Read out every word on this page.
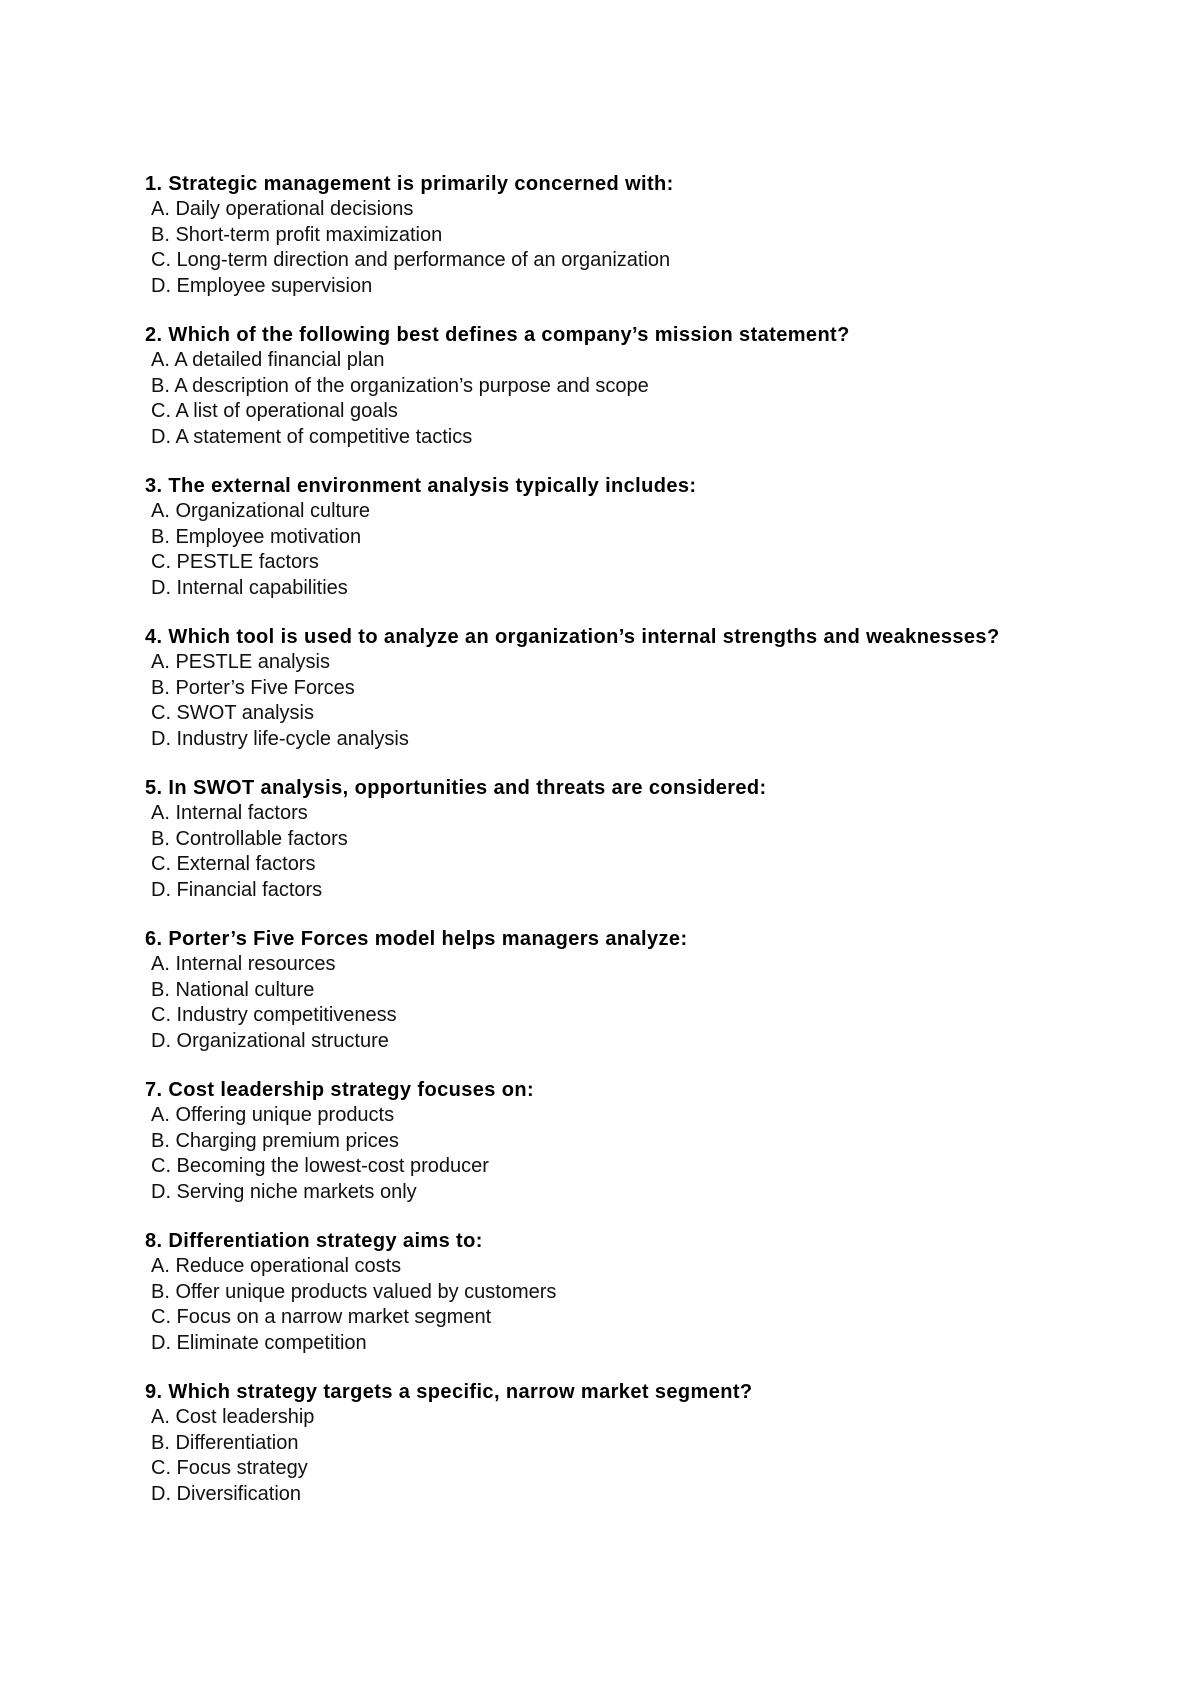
1. Strategic management is primarily concerned with:

A. Daily operational decisions
B. Short-term profit maximization
C. Long-term direction and performance of an organization
D. Employee supervision

2. Which of the following best defines a company’s mission statement?

A. A detailed financial plan
B. A description of the organization’s purpose and scope
C. A list of operational goals
D. A statement of competitive tactics

3. The external environment analysis typically includes:

A. Organizational culture
B. Employee motivation
C. PESTLE factors
D. Internal capabilities

4. Which tool is used to analyze an organization’s internal strengths and weaknesses?

A. PESTLE analysis
B. Porter’s Five Forces
C. SWOT analysis
D. Industry life-cycle analysis

5. In SWOT analysis, opportunities and threats are considered:

A. Internal factors
B. Controllable factors
C. External factors
D. Financial factors

6. Porter’s Five Forces model helps managers analyze:

A. Internal resources
B. National culture
C. Industry competitiveness
D. Organizational structure

7. Cost leadership strategy focuses on:

A. Offering unique products
B. Charging premium prices
C. Becoming the lowest-cost producer
D. Serving niche markets only

8. Differentiation strategy aims to:

A. Reduce operational costs
B. Offer unique products valued by customers
C. Focus on a narrow market segment
D. Eliminate competition

9. Which strategy targets a specific, narrow market segment?

A. Cost leadership
B. Differentiation
C. Focus strategy
D. Diversification
